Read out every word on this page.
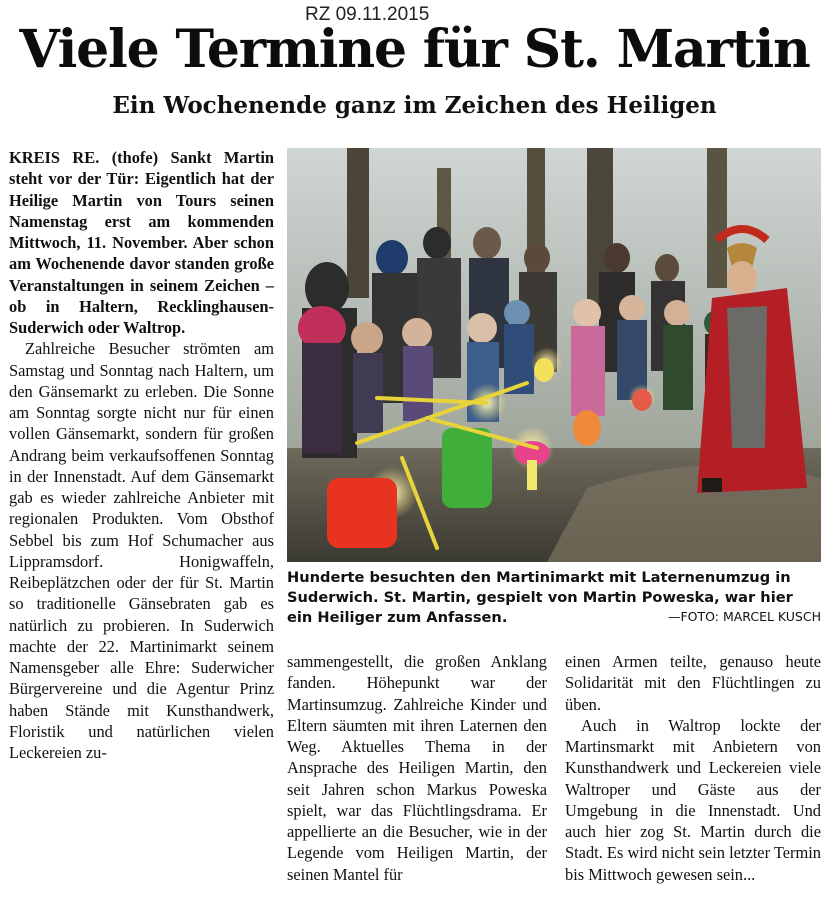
RZ 09.11.2015
Viele Termine für St. Martin
Ein Wochenende ganz im Zeichen des Heiligen

KREIS RE. (thofe) Sankt Martin steht vor der Tür: Eigentlich hat der Heilige Martin von Tours seinen Namenstag erst am kommenden Mittwoch, 11. November. Aber schon am Wochenende davor standen große Veranstaltungen in seinem Zeichen – ob in Haltern, Recklinghausen-Suderwich oder Waltrop.

Zahlreiche Besucher strömten am Samstag und Sonntag nach Haltern, um den Gänsemarkt zu erleben. Die Sonne am Sonntag sorgte nicht nur für einen vollen Gänsemarkt, sondern für großen Andrang beim verkaufsoffenen Sonntag in der Innenstadt. Auf dem Gänsemarkt gab es wieder zahlreiche Anbieter mit regionalen Produkten. Vom Obsthof Sebbel bis zum Hof Schumacher aus Lippramsdorf. Honigwaffeln, Reibeplätzchen oder der für St. Martin so traditionelle Gänsebraten gab es natürlich zu probieren. In Suderwich machte der 22. Martinimarkt seinem Namensgeber alle Ehre: Suderwicher Bürgervereine und die Agentur Prinz haben Stände mit Kunsthandwerk, Floristik und natürlichen vielen Leckereien zu-

Hunderte besuchten den Martinimarkt mit Laternenumzug in Suderwich. St. Martin, gespielt von Martin Poweska, war hier ein Heiliger zum Anfassen.	—FOTO: MARCEL KUSCH

sammengestellt, die großen Anklang fanden. Höhepunkt war der Martinsumzug. Zahlreiche Kinder und Eltern säumten mit ihren Laternen den Weg. Aktuelles Thema in der Ansprache des Heiligen Martin, den seit Jahren schon Markus Poweska spielt, war das Flüchtlingsdrama. Er appellierte an die Besucher, wie in der Legende vom Heiligen Martin, der seinen Mantel für

einen Armen teilte, genauso heute Solidarität mit den Flüchtlingen zu üben.

Auch in Waltrop lockte der Martinsmarkt mit Anbietern von Kunsthandwerk und Leckereien viele Waltroper und Gäste aus der Umgebung in die Innenstadt. Und auch hier zog St. Martin durch die Stadt. Es wird nicht sein letzter Termin bis Mittwoch gewesen sein...
